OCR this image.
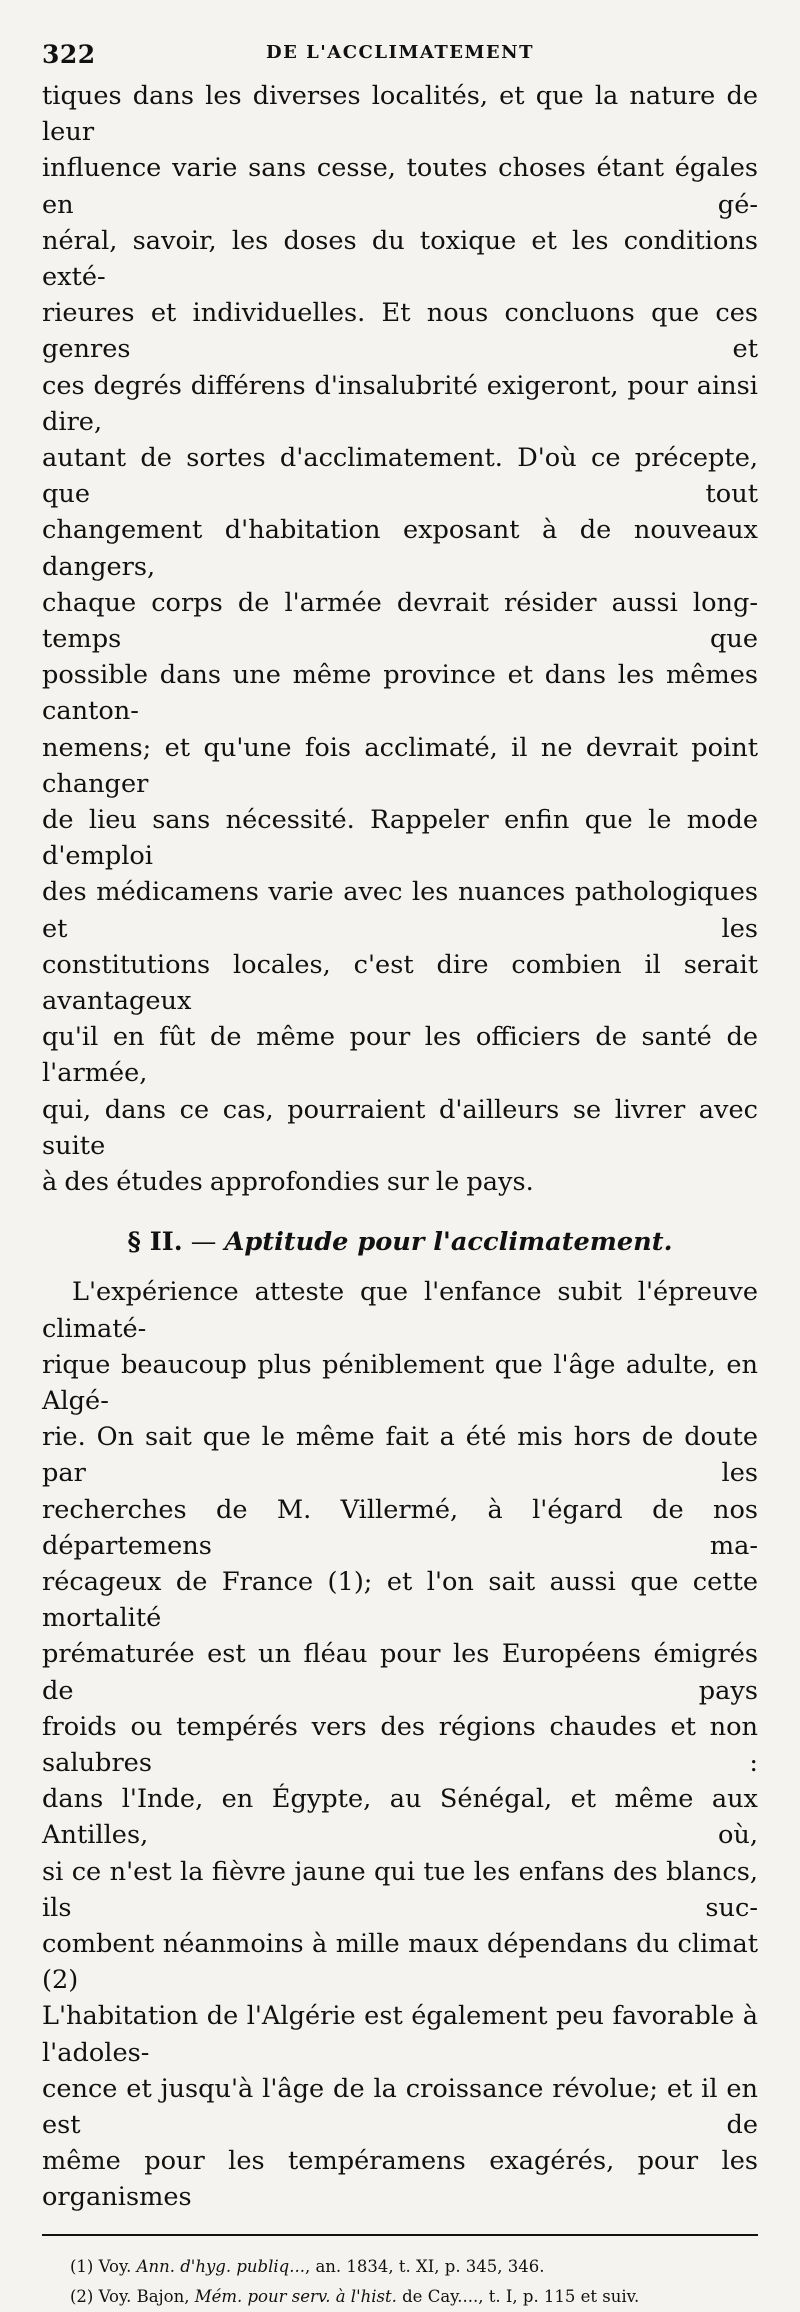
322	DE L'ACCLIMATEMENT

tiques dans les diverses localités, et que la nature de leur
influence varie sans cesse, toutes choses étant égales en gé-
néral, savoir, les doses du toxique et les conditions exté-
rieures et individuelles. Et nous concluons que ces genres et
ces degrés différens d'insalubrité exigeront, pour ainsi dire,
autant de sortes d'acclimatement. D'où ce précepte, que tout
changement d'habitation exposant à de nouveaux dangers,
chaque corps de l'armée devrait résider aussi long-temps que
possible dans une même province et dans les mêmes canton-
nemens; et qu'une fois acclimaté, il ne devrait point changer
de lieu sans nécessité. Rappeler enfin que le mode d'emploi
des médicamens varie avec les nuances pathologiques et les
constitutions locales, c'est dire combien il serait avantageux
qu'il en fût de même pour les officiers de santé de l'armée,
qui, dans ce cas, pourraient d'ailleurs se livrer avec suite
à des études approfondies sur le pays.

§ II. — Aptitude pour l'acclimatement.

L'expérience atteste que l'enfance subit l'épreuve climaté-
rique beaucoup plus péniblement que l'âge adulte, en Algé-
rie. On sait que le même fait a été mis hors de doute par les
recherches de M. Villermé, à l'égard de nos départemens ma-
récageux de France (1); et l'on sait aussi que cette mortalité
prématurée est un fléau pour les Européens émigrés de pays
froids ou tempérés vers des régions chaudes et non salubres :
dans l'Inde, en Égypte, au Sénégal, et même aux Antilles, où,
si ce n'est la fièvre jaune qui tue les enfans des blancs, ils suc-
combent néanmoins à mille maux dépendans du climat (2)
L'habitation de l'Algérie est également peu favorable à l'adoles-
cence et jusqu'à l'âge de la croissance révolue; et il en est de
même pour les tempéramens exagérés, pour les organismes

(1) Voy. Ann. d'hyg. publiq..., an. 1834, t. XI, p. 345, 346.
(2) Voy. Bajon, Mém. pour serv. à l'hist. de Cay...., t. I, p. 115 et suiv.
